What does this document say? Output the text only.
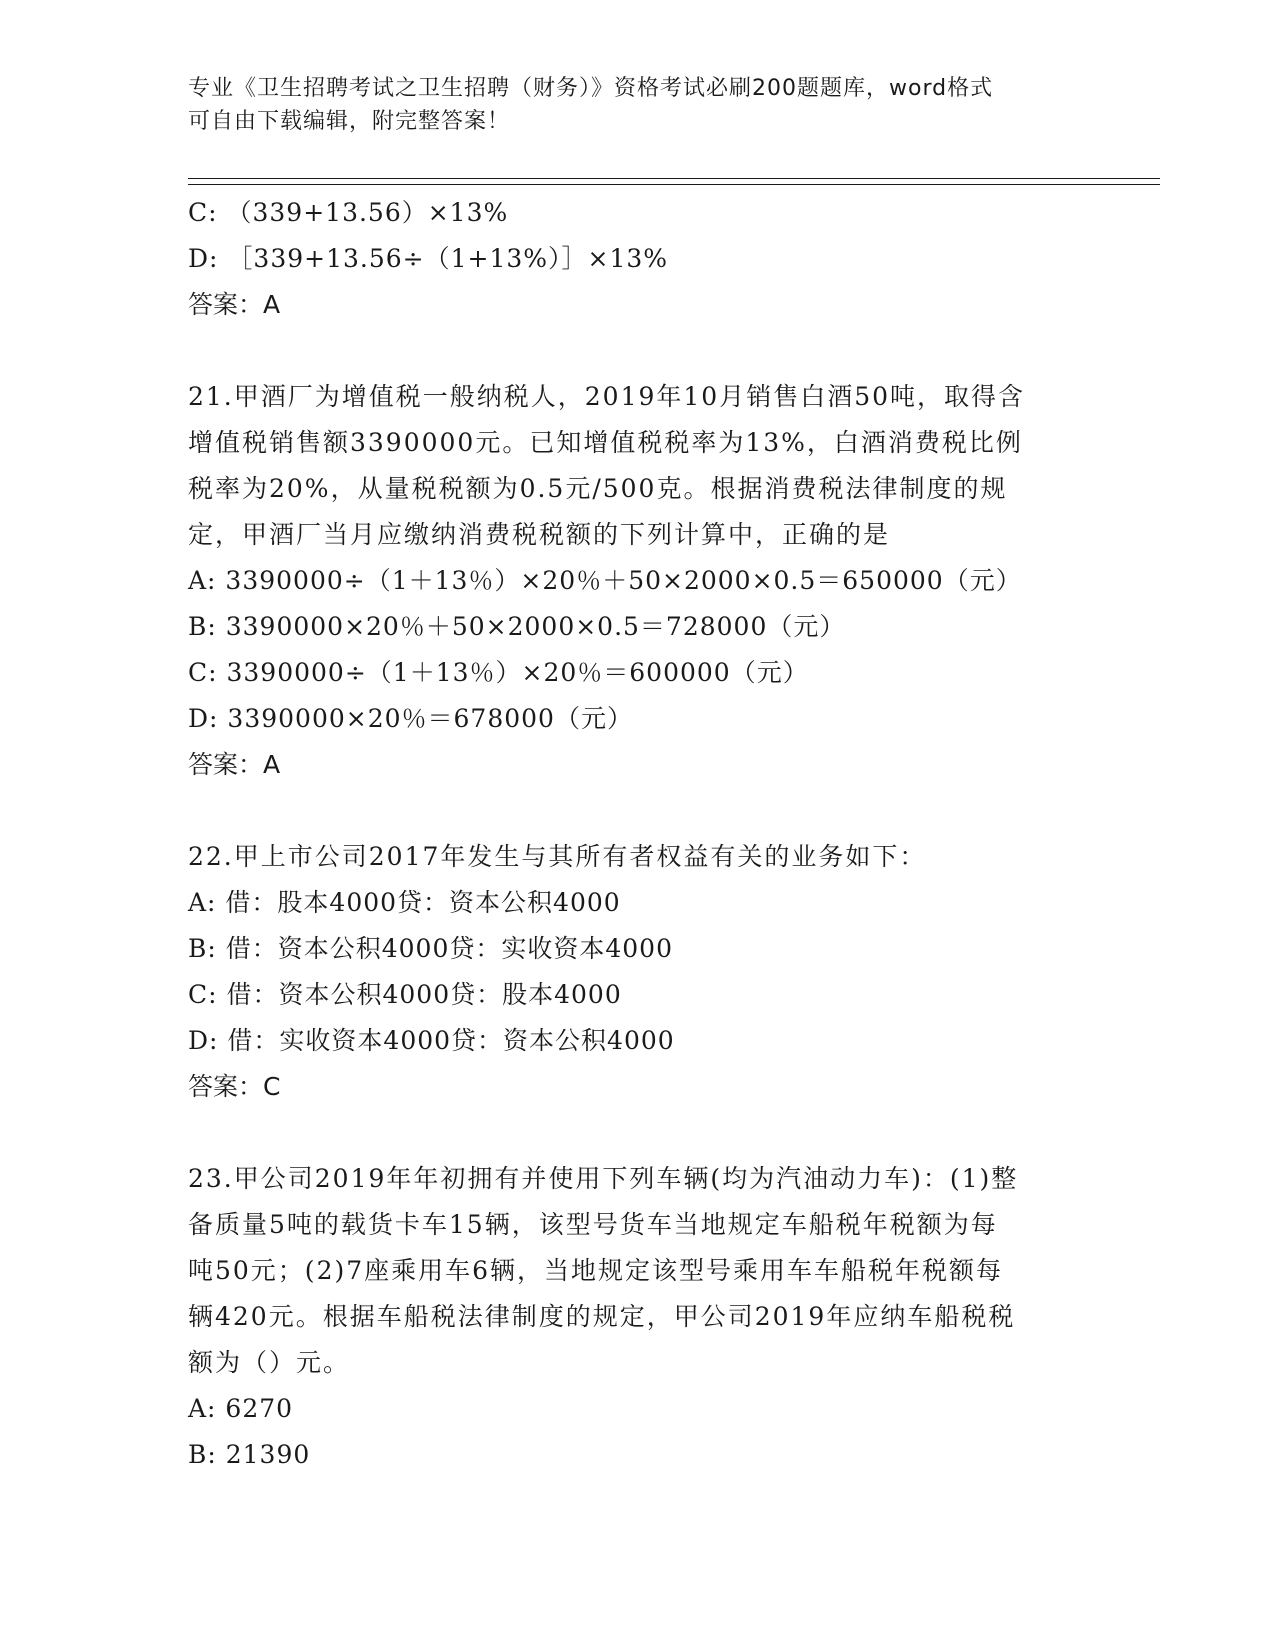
专业《卫生招聘考试之卫生招聘（财务）》资格考试必刷200题题库，word格式
可自由下载编辑，附完整答案！
C: （339+13.56）×13%
D: ［339+13.56÷（1+13%）］×13%
答案：A
21.甲酒厂为增值税一般纳税人，2019年10月销售白酒50吨，取得含
增值税销售额3390000元。已知增值税税率为13%，白酒消费税比例
税率为20%，从量税税额为0.5元/500克。根据消费税法律制度的规
定，甲酒厂当月应缴纳消费税税额的下列计算中，正确的是
A: 3390000÷（1＋13％）×20％＋50×2000×0.5＝650000（元）
B: 3390000×20％＋50×2000×0.5＝728000（元）
C: 3390000÷（1＋13％）×20％＝600000（元）
D: 3390000×20％＝678000（元）
答案：A
22.甲上市公司2017年发生与其所有者权益有关的业务如下：
A: 借：股本4000贷：资本公积4000
B: 借：资本公积4000贷：实收资本4000
C: 借：资本公积4000贷：股本4000
D: 借：实收资本4000贷：资本公积4000
答案：C
23.甲公司2019年年初拥有并使用下列车辆(均为汽油动力车)：(1)整
备质量5吨的载货卡车15辆，该型号货车当地规定车船税年税额为每
吨50元；(2)7座乘用车6辆，当地规定该型号乘用车车船税年税额每
辆420元。根据车船税法律制度的规定，甲公司2019年应纳车船税税
额为（）元。
A: 6270
B: 21390
